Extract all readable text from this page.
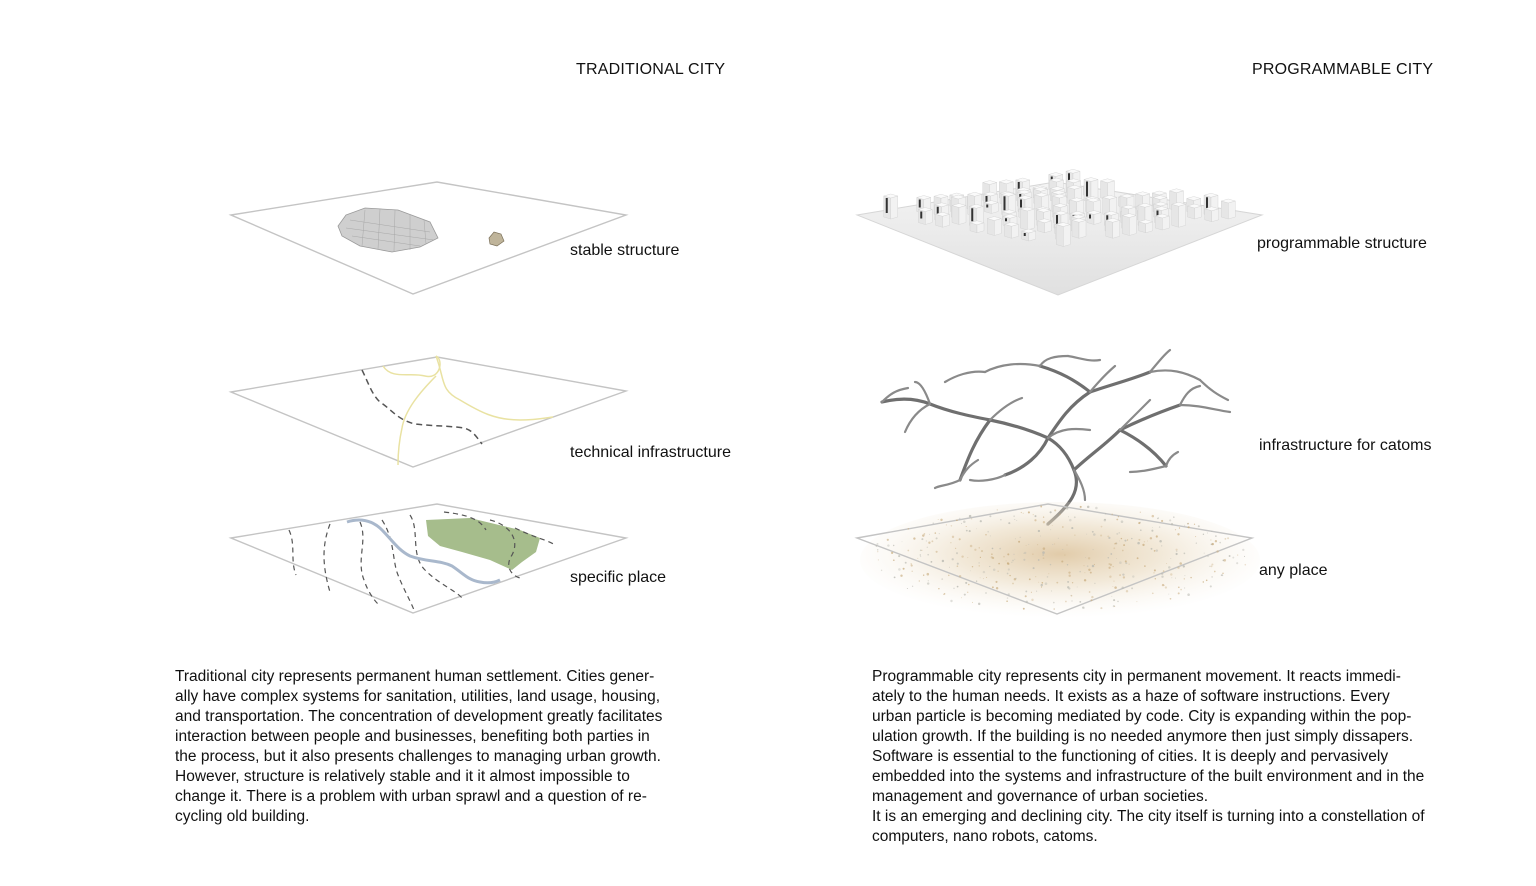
TRADITIONAL CITY	PROGRAMMABLE CITY
stable structure
technical infrastructure
specific place
programmable structure
infrastructure for catoms
any place

Traditional city represents permanent human settlement. Cities gener-
ally have complex systems for sanitation, utilities, land usage, housing,
and transportation. The concentration of development greatly facilitates
interaction between people and businesses, benefiting both parties in
the process, but it also presents challenges to managing urban growth.
However, structure is relatively stable and it it almost impossible to
change it. There is a problem with urban sprawl and a question of re-
cycling old building.

Programmable city represents city in permanent movement. It reacts immedi-
ately to the human needs. It exists as a haze of software instructions. Every
urban particle is becoming mediated by code. City is expanding within the pop-
ulation growth. If the building is no needed anymore then just simply dissapers.
Software is essential to the functioning of cities. It is deeply and pervasively
embedded into the systems and infrastructure of the built environment and in the
management and governance of urban societies.
It is an emerging and declining city. The city itself is turning into a constellation of
computers, nano robots, catoms.
